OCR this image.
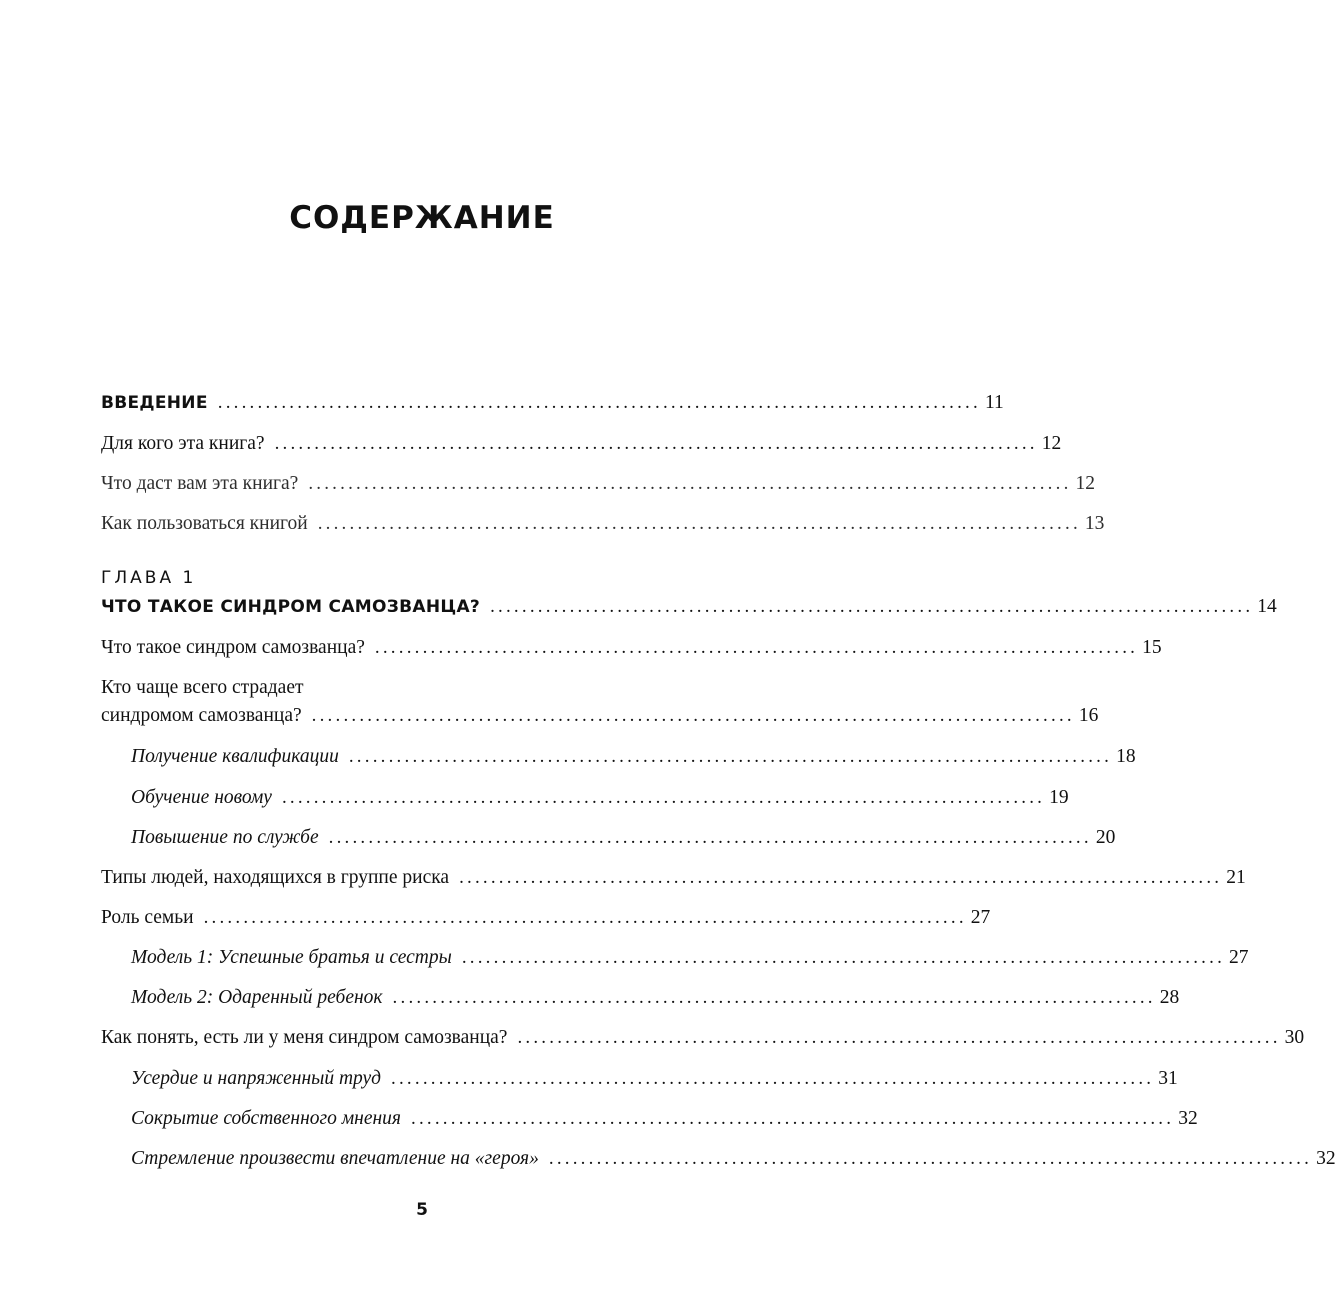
СОДЕРЖАНИЕ
ВВЕДЕНИЕ ................................................................................................ 11
Для кого эта книга? ................................................................................................ 12
Что даст вам эта книга? ................................................................................................ 12
Как пользоваться книгой ................................................................................................ 13

ГЛАВА 1

ЧТО ТАКОЕ СИНДРОМ САМОЗВАНЦА? ................................................................................................ 14
Что такое синдром самозванца? ................................................................................................ 15
Кто чаще всего страдает
синдромом самозванца? ................................................................................................ 16
Получение квалификации ................................................................................................ 18
Обучение новому ................................................................................................ 19
Повышение по службе ................................................................................................ 20
Типы людей, находящихся в группе риска ................................................................................................ 21
Роль семьи ................................................................................................ 27
Модель 1: Успешные братья и сестры ................................................................................................ 27
Модель 2: Одаренный ребенок ................................................................................................ 28
Как понять, есть ли у меня синдром самозванца? ................................................................................................ 30
Усердие и напряженный труд ................................................................................................ 31
Сокрытие собственного мнения ................................................................................................ 32
Стремление произвести впечатление на «героя» ................................................................................................ 32
5
